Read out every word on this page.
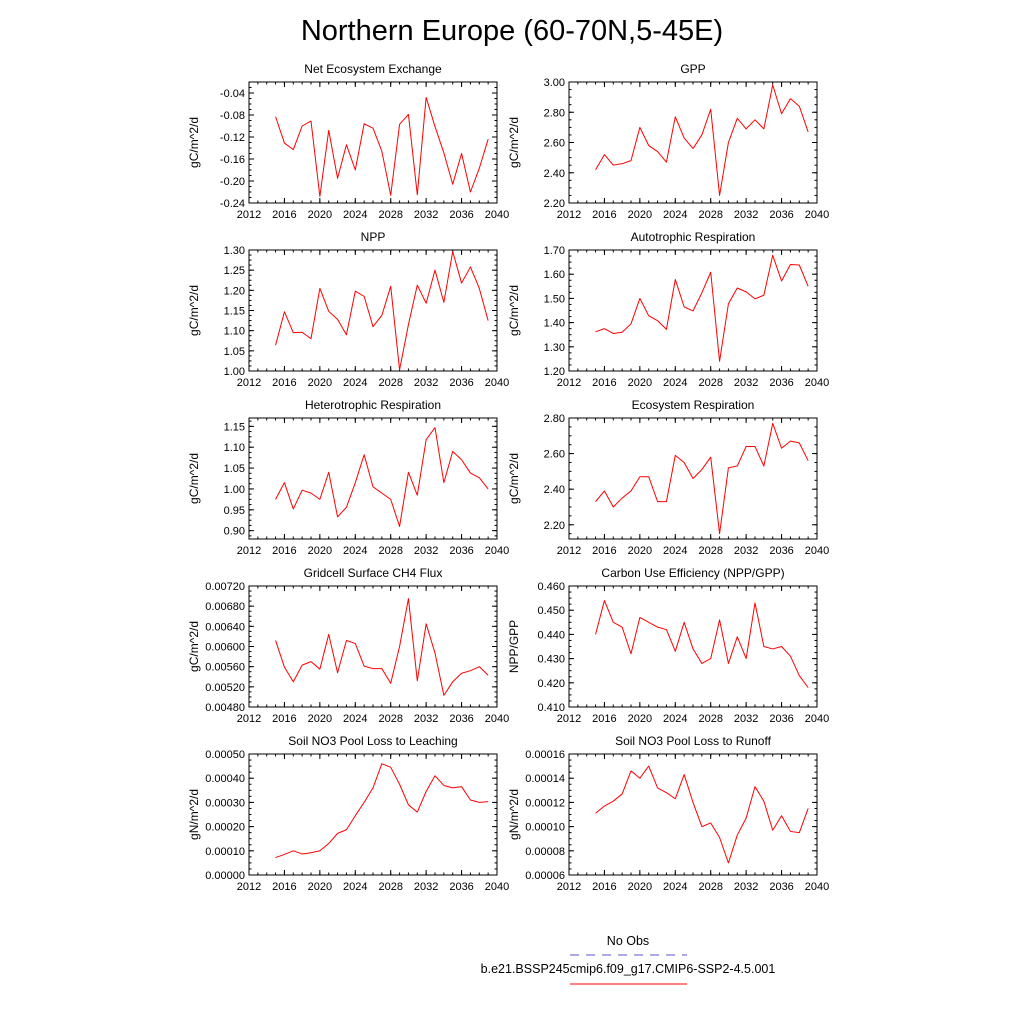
Northern Europe (60-70N,5-45E)
Net Ecosystem Exchange
gC/m^2/d
2012 2016 2020 2024 2028 2032 2036 2040
-0.24
-0.20
-0.16
-0.12
-0.08
-0.04
GPP
gC/m^2/d
2012 2016 2020 2024 2028 2032 2036 2040
2.20
2.40
2.60
2.80
3.00
NPP
gC/m^2/d
2012 2016 2020 2024 2028 2032 2036 2040
1.00
1.05
1.10
1.15
1.20
1.25
1.30
Autotrophic Respiration
gC/m^2/d
2012 2016 2020 2024 2028 2032 2036 2040
1.20
1.30
1.40
1.50
1.60
1.70
Heterotrophic Respiration
gC/m^2/d
2012 2016 2020 2024 2028 2032 2036 2040
0.90
0.95
1.00
1.05
1.10
1.15
Ecosystem Respiration
gC/m^2/d
2012 2016 2020 2024 2028 2032 2036 2040
2.20
2.40
2.60
2.80
Gridcell Surface CH4 Flux
gC/m^2/d
2012 2016 2020 2024 2028 2032 2036 2040
0.00480
0.00520
0.00560
0.00600
0.00640
0.00680
0.00720
Carbon Use Efficiency (NPP/GPP)
NPP/GPP
2012 2016 2020 2024 2028 2032 2036 2040
0.410
0.420
0.430
0.440
0.450
0.460
Soil NO3 Pool Loss to Leaching
gN/m^2/d
2012 2016 2020 2024 2028 2032 2036 2040
0.00000
0.00010
0.00020
0.00030
0.00040
0.00050
Soil NO3 Pool Loss to Runoff
gN/m^2/d
2012 2016 2020 2024 2028 2032 2036 2040
0.00006
0.00008
0.00010
0.00012
0.00014
0.00016
No Obs
b.e21.BSSP245cmip6.f09_g17.CMIP6-SSP2-4.5.001
